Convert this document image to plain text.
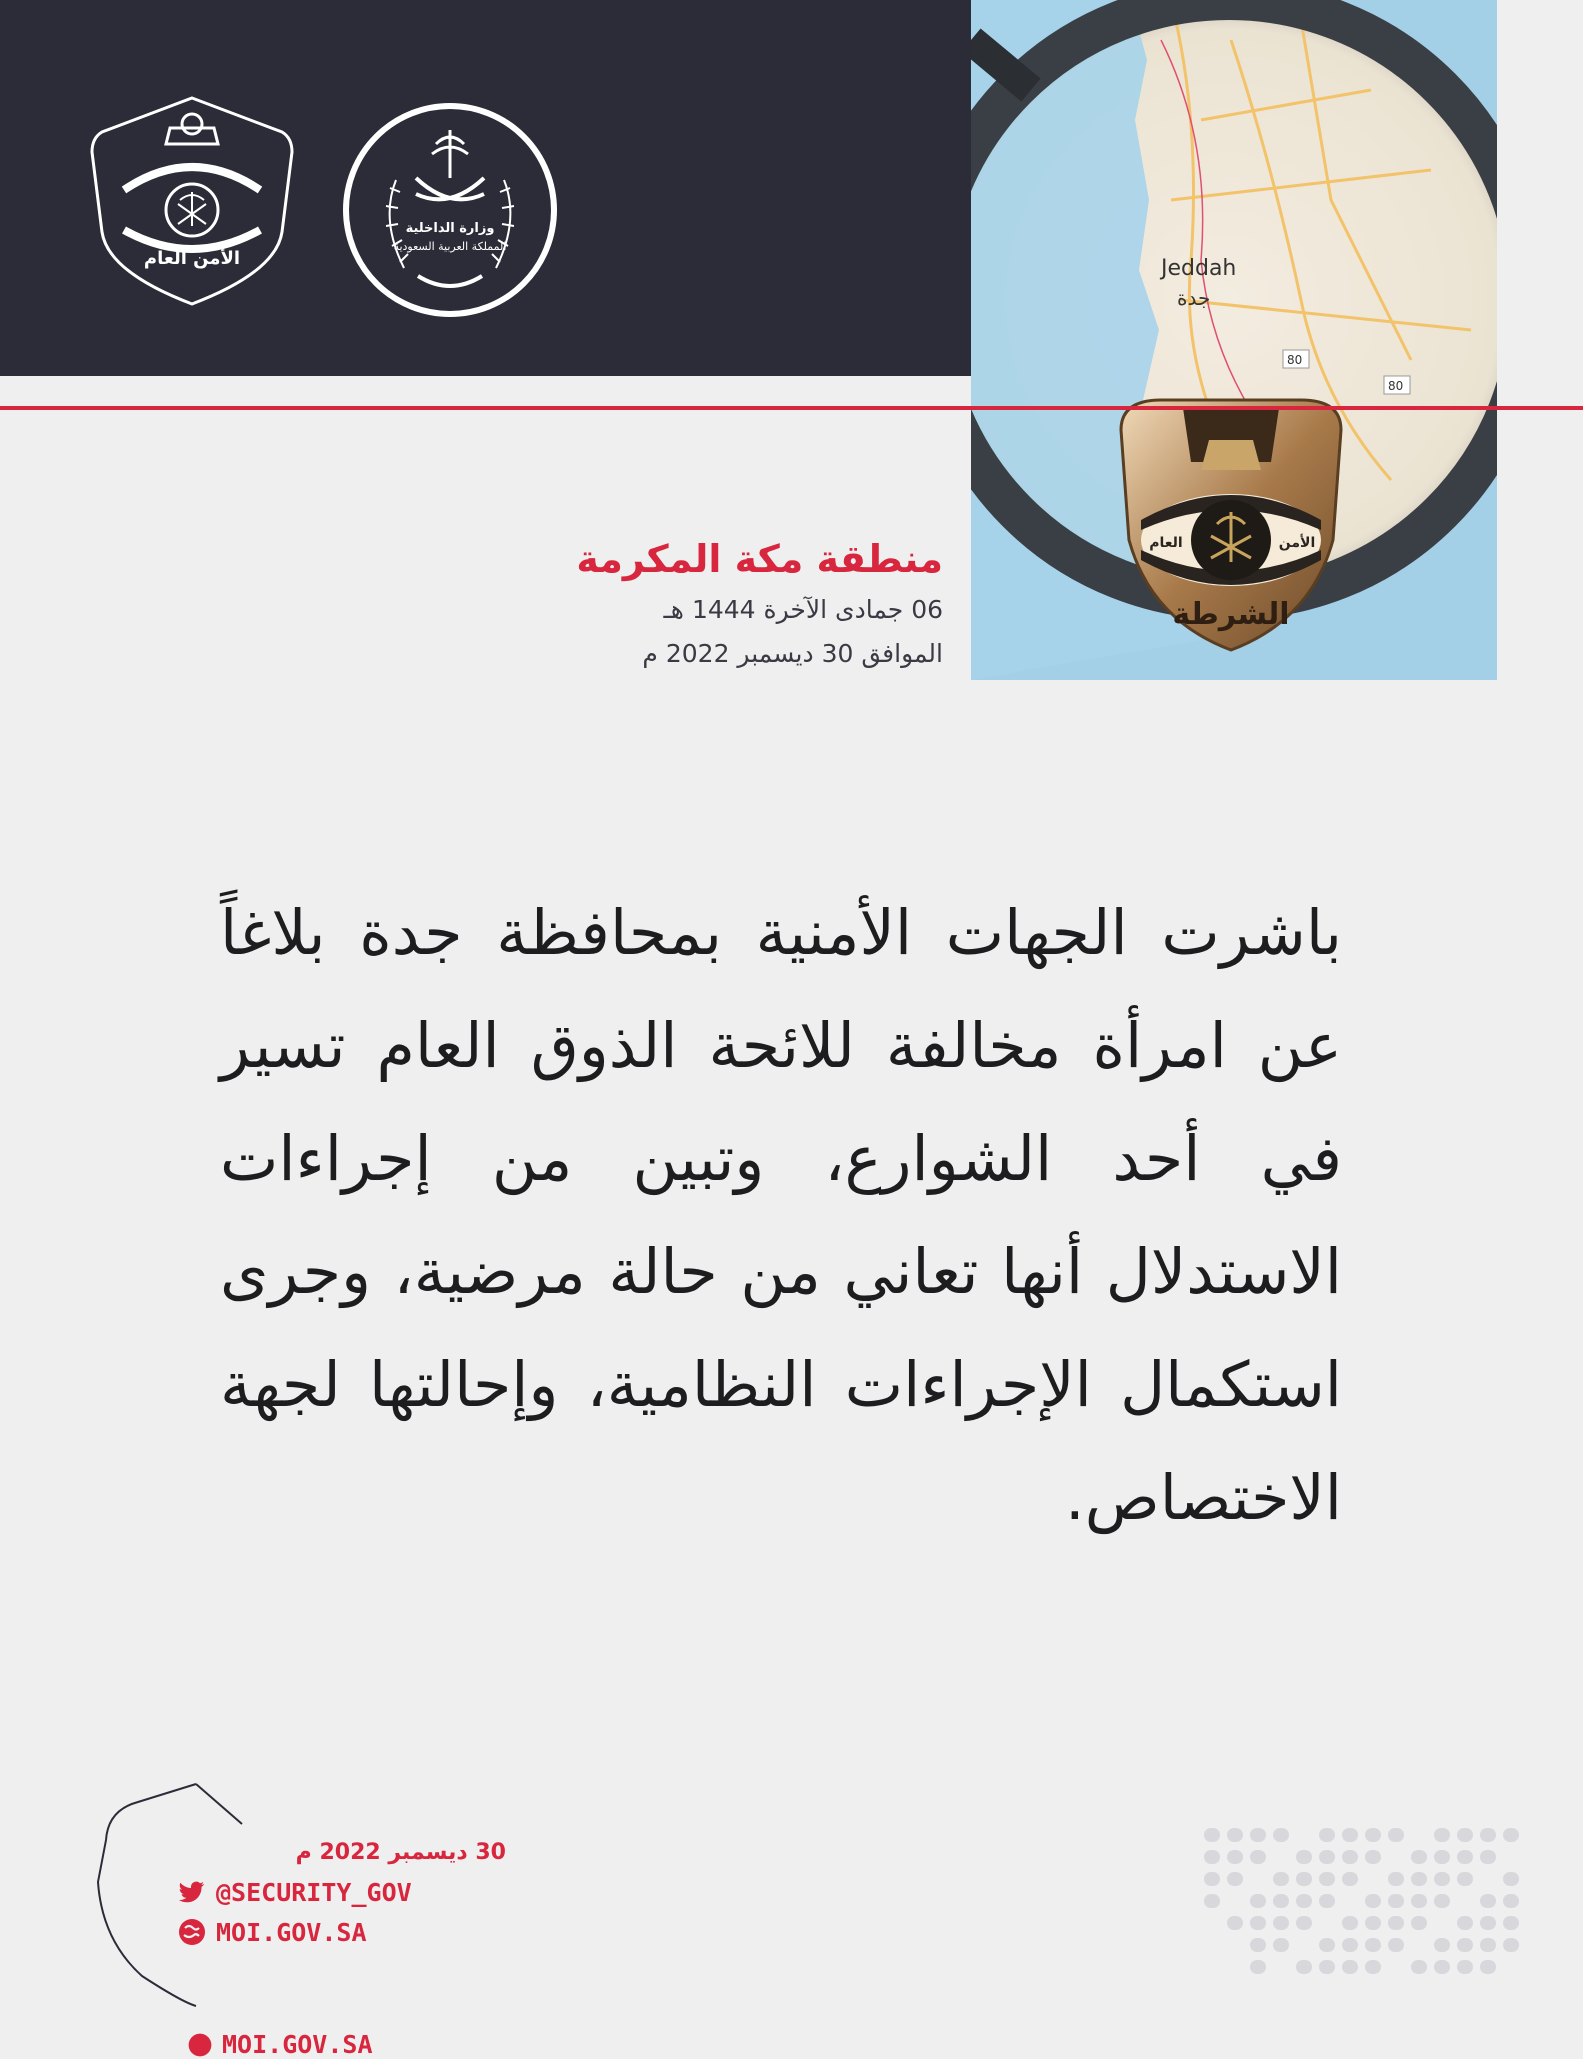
الأمن العام
وزارة الداخلية
المملكة العربية السعودية
Jeddah
جدة
80
80
العام	الأمن
الشرطة

منطقة مكة المكرمة

06 جمادى الآخرة 1444 هـ

الموافق 30 ديسمبر 2022 م

باشرت الجهات الأمنية بمحافظة جدة بلاغاً عن امرأة مخالفة للائحة الذوق العام تسير في أحد الشوارع، وتبين من إجراءات الاستدلال أنها تعاني من حالة مرضية، وجرى استكمال الإجراءات النظامية، وإحالتها لجهة الاختصاص.

30 ديسمبر 2022 م
@SECURITY_GOV
MOI.GOV.SA
MOI.GOV.SA
